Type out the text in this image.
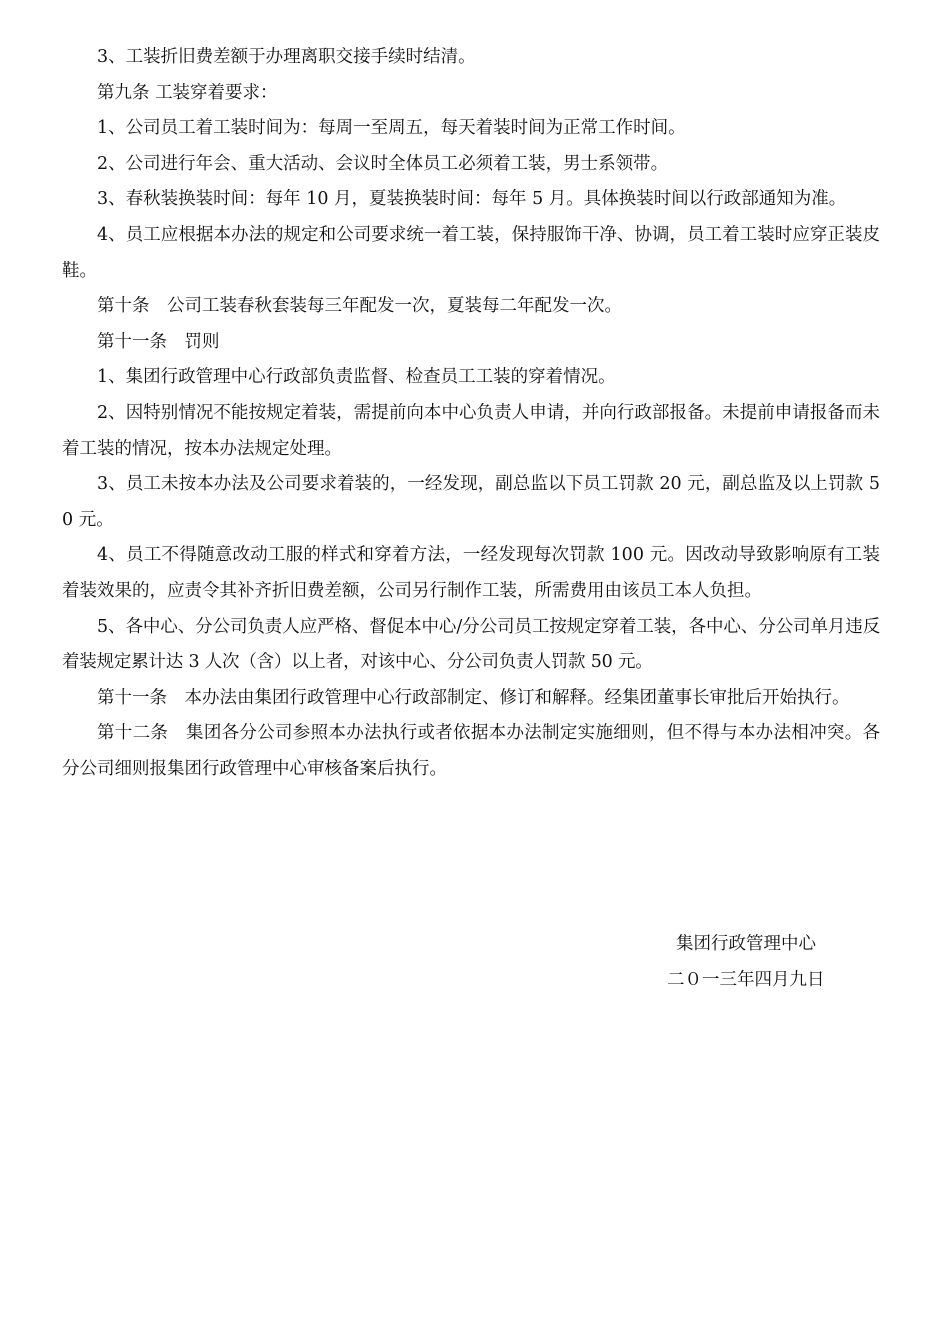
3、工装折旧费差额于办理离职交接手续时结清。

第九条 工装穿着要求：

1、公司员工着工装时间为：每周一至周五，每天着装时间为正常工作时间。

2、公司进行年会、重大活动、会议时全体员工必须着工装，男士系领带。

3、春秋装换装时间：每年 10 月，夏装换装时间：每年 5 月。具体换装时间以行政部通知为准。

4、员工应根据本办法的规定和公司要求统一着工装，保持服饰干净、协调，员工着工装时应穿正装皮鞋。

第十条　公司工装春秋套装每三年配发一次，夏装每二年配发一次。

第十一条　罚则

1、集团行政管理中心行政部负责监督、检查员工工装的穿着情况。

2、因特别情况不能按规定着装，需提前向本中心负责人申请，并向行政部报备。未提前申请报备而未着工装的情况，按本办法规定处理。

3、员工未按本办法及公司要求着装的，一经发现，副总监以下员工罚款 20 元，副总监及以上罚款 50 元。

4、员工不得随意改动工服的样式和穿着方法，一经发现每次罚款 100 元。因改动导致影响原有工装着装效果的，应责令其补齐折旧费差额，公司另行制作工装，所需费用由该员工本人负担。

5、各中心、分公司负责人应严格、督促本中心/分公司员工按规定穿着工装，各中心、分公司单月违反着装规定累计达 3 人次（含）以上者，对该中心、分公司负责人罚款 50 元。

第十一条　本办法由集团行政管理中心行政部制定、修订和解释。经集团董事长审批后开始执行。

第十二条　集团各分公司参照本办法执行或者依据本办法制定实施细则，但不得与本办法相冲突。各分公司细则报集团行政管理中心审核备案后执行。

集团行政管理中心
二０一三年四月九日
